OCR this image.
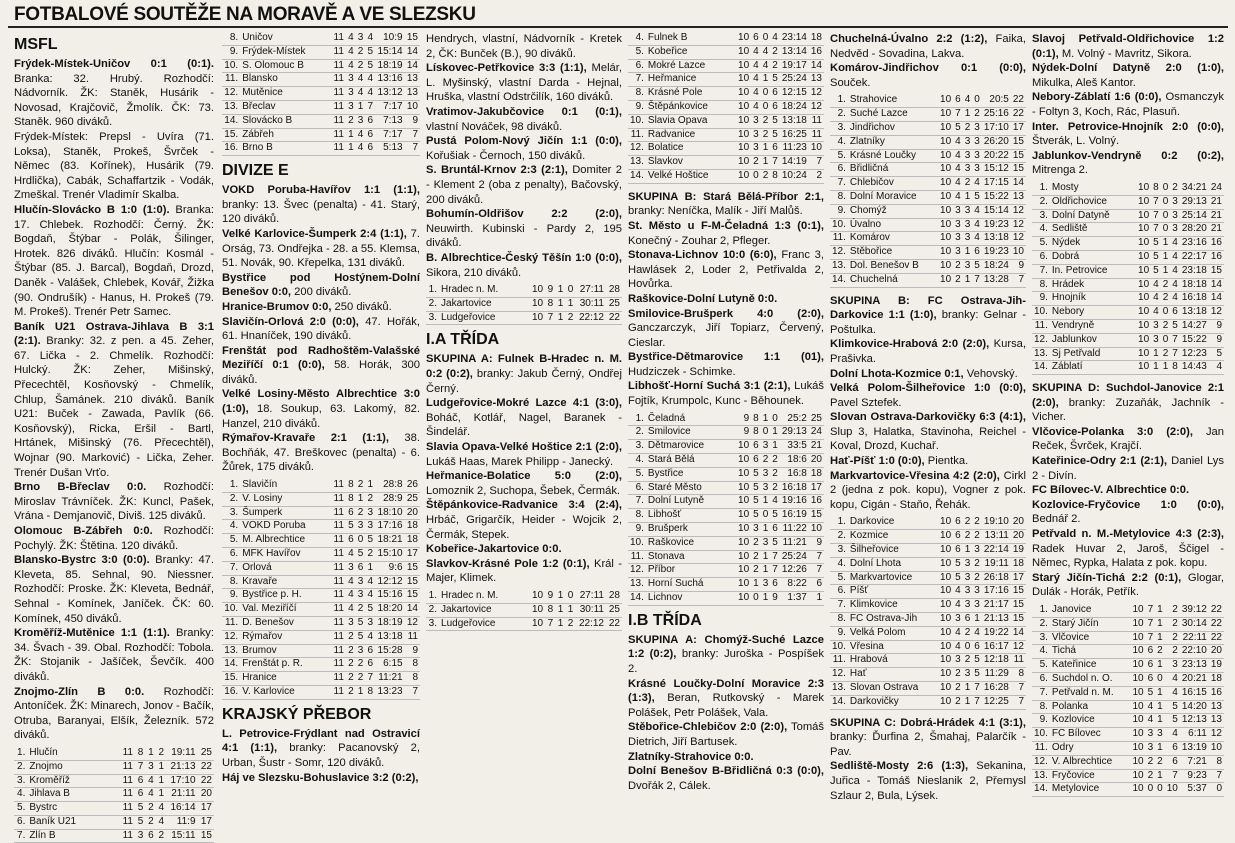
FOTBALOVÉ SOUTĚŽE NA MORAVĚ A VE SLEZSKU
MSFL

Frýdek-Místek-Uničov 0:1 (0:1). Branka: 32. Hrubý. Rozhodčí: Nádvorník. ŽK: Staněk, Husárik - Novosad, Krajčovič, Žmolík. ČK: 73. Staněk. 960 diváků.

Frýdek-Místek: Prepsl - Uvíra (71. Loksa), Staněk, Prokeš, Švrček - Němec (83. Kořínek), Husárik (79. Hrdlička), Cabák, Schaffartzik - Vodák, Zmeškal. Trenér Vladimír Skalba.

Hlučín-Slovácko B 1:0 (1:0). Branka: 17. Chlebek. Rozhodčí: Černý. ŽK: Bogdaň, Štýbar - Polák, Šilinger, Hrotek. 826 diváků. Hlučín: Kosmál - Štýbar (85. J. Barcal), Bogdaň, Drozd, Daněk - Valášek, Chlebek, Kovář, Žižka (90. Ondrušík) - Hanus, H. Prokeš (79. M. Prokeš). Trenér Petr Samec.

Baník U21 Ostrava-Jihlava B 3:1 (2:1). Branky: 32. z pen. a 45. Zeher, 67. Lička - 2. Chmelík. Rozhodčí: Hulcký. ŽK: Zeher, Mišinský, Přecechtěl, Kosňovský - Chmelík, Chlup, Šamánek. 210 diváků. Baník U21: Buček - Zawada, Pavlík (66. Kosňovský), Ricka, Eršil - Bartl, Hrtánek, Mišinský (76. Přecechtěl), Wojnar (90. Marković) - Lička, Zeher. Trenér Dušan Vrťo.

Brno B-Břeclav 0:0. Rozhodčí: Miroslav Trávníček. ŽK: Kuncl, Pašek, Vrána - Demjanovič, Diviš. 125 diváků.

Olomouc B-Zábřeh 0:0. Rozhodčí: Pochylý. ŽK: Štětina. 120 diváků.

Blansko-Bystrc 3:0 (0:0). Branky: 47. Kleveta, 85. Sehnal, 90. Niessner. Rozhodčí: Proske. ŽK: Kleveta, Bednář, Sehnal - Komínek, Janíček. ČK: 60. Komínek, 450 diváků.

Kroměříž-Mutěnice 1:1 (1:1). Branky: 34. Švach - 39. Obal. Rozhodčí: Tobola. ŽK: Stojanik - Jašíček, Ševčík. 400 diváků.

Znojmo-Zlín B 0:0. Rozhodčí: Antoníček. ŽK: Minarech, Jonov - Bačík, Otruba, Baranyai, Elšík, Železník. 572 diváků.

1.	Hlučín	11	8	1	2	19:11	25
2.	Znojmo	11	7	3	1	21:13	22
3.	Kroměříž	11	6	4	1	17:10	22
4.	Jihlava B	11	6	4	1	21:11	20
5.	Bystrc	11	5	2	4	16:14	17
6.	Baník U21	11	5	2	4	11:9	17
7.	Zlín B	11	3	6	2	15:11	15
8.	Uničov	11	4	3	4	10:9	15
9.	Frýdek-Místek	11	4	2	5	15:14	14
10.	S. Olomouc B	11	4	2	5	18:19	14
11.	Blansko	11	3	4	4	13:16	13
12.	Mutěnice	11	3	4	4	13:12	13
13.	Břeclav	11	3	1	7	7:17	10
14.	Slovácko B	11	2	3	6	7:13	9
15.	Zábřeh	11	1	4	6	7:17	7
16.	Brno B	11	1	4	6	5:13	7
DIVIZE E

VOKD Poruba-Havířov 1:1 (1:1), branky: 13. Švec (penalta) - 41. Starý, 120 diváků.

Velké Karlovice-Šumperk 2:4 (1:1), 7. Orság, 73. Ondřejka - 28. a 55. Klemsa, 51. Novák, 90. Křepelka, 131 diváků.

Bystřice pod Hostýnem-Dolní Benešov 0:0, 200 diváků.

Hranice-Brumov 0:0, 250 diváků.

Slavičín-Orlová 2:0 (0:0), 47. Hořák, 61. Hnaníček, 190 diváků.

Frenštát pod Radhoštěm-Valašské Meziříčí 0:1 (0:0), 58. Horák, 300 diváků.

Velké Losiny-Město Albrechtice 3:0 (1:0), 18. Soukup, 63. Lakomý, 82. Hanzel, 210 diváků.

Rýmařov-Kravaře 2:1 (1:1), 38. Bochňák, 47. Breškovec (penalta) - 6. Žůrek, 175 diváků.

1.	Slavičín	11	8	2	1	28:8	26
2.	V. Losiny	11	8	1	2	28:9	25
3.	Šumperk	11	6	2	3	18:10	20
4.	VOKD Poruba	11	5	3	3	17:16	18
5.	M. Albrechtice	11	6	0	5	18:21	18
6.	MFK Havířov	11	4	5	2	15:10	17
7.	Orlová	11	3	6	1	9:6	15
8.	Kravaře	11	4	3	4	12:12	15
9.	Bystřice p. H.	11	4	3	4	15:16	15
10.	Val. Meziříčí	11	4	2	5	18:20	14
11.	D. Benešov	11	3	5	3	18:19	12
12.	Rýmařov	11	2	5	4	13:18	11
13.	Brumov	11	2	3	6	15:28	9
14.	Frenštát p. R.	11	2	2	6	6:15	8
15.	Hranice	11	2	2	7	11:21	8
16.	V. Karlovice	11	2	1	8	13:23	7
KRAJSKÝ PŘEBOR

L. Petrovice-Frýdlant nad Ostravicí 4:1 (1:1), branky: Pacanovský 2, Urban, Šustr - Somr, 120 diváků.

Háj ve Slezsku-Bohuslavice 3:2 (0:2),

Hendrych, vlastní, Nádvorník - Kretek 2, ČK: Bunček (B.), 90 diváků.

Lískovec-Petřkovice 3:3 (1:1), Melár, L. Myšinský, vlastní Darda - Hejnal, Hruška, vlastní Odstrčilík, 160 diváků.

Vratimov-Jakubčovice 0:1 (0:1), vlastní Nováček, 98 diváků.

Pustá Polom-Nový Jičín 1:1 (0:0), Kořušiak - Černoch, 150 diváků.

S. Bruntál-Krnov 2:3 (2:1), Domiter 2 - Klement 2 (oba z penalty), Bačovský, 200 diváků.

Bohumín-Oldřišov 2:2 (2:0), Neuwirth. Kubinski - Pardy 2, 195 diváků.

B. Albrechtice-Český Těšín 1:0 (0:0), Sikora, 210 diváků.

1.	Hradec n. M.	10	9	1	0	27:11	28
2.	Jakartovice	10	8	1	1	30:11	25
3.	Ludgeřovice	10	7	1	2	22:12	22
I.A TŘÍDA

SKUPINA A: Fulnek B-Hradec n. M. 0:2 (0:2), branky: Jakub Černý, Ondřej Černý.

Ludgeřovice-Mokré Lazce 4:1 (3:0), Boháč, Kotlář, Nagel, Baranek - Šindelář.

Slavia Opava-Velké Hoštice 2:1 (2:0), Lukáš Haas, Marek Philipp - Janecký.

Heřmanice-Bolatice 5:0 (2:0), Lomoznik 2, Suchopa, Šebek, Čermák.

Štěpánkovice-Radvanice 3:4 (2:4), Hrbáč, Grigarčík, Heider - Wojcik 2, Čermák, Stepek.

Kobeřice-Jakartovice 0:0.

Slavkov-Krásné Pole 1:2 (0:1), Král - Majer, Klimek.

1.	Hradec n. M.	10	9	1	0	27:11	28
2.	Jakartovice	10	8	1	1	30:11	25
3.	Ludgeřovice	10	7	1	2	22:12	22
4.	Fulnek B	10	6	0	4	23:14	18
5.	Kobeřice	10	4	4	2	13:14	16
6.	Mokré Lazce	10	4	4	2	19:17	14
7.	Heřmanice	10	4	1	5	25:24	13
8.	Krásné Pole	10	4	0	6	12:15	12
9.	Štěpánkovice	10	4	0	6	18:24	12
10.	Slavia Opava	10	3	2	5	13:18	11
11.	Radvanice	10	3	2	5	16:25	11
12.	Bolatice	10	3	1	6	11:23	10
13.	Slavkov	10	2	1	7	14:19	7
14.	Velké Hoštice	10	0	2	8	10:24	2

SKUPINA B: Stará Bělá-Příbor 2:1, branky: Neníčka, Malík - Jiří Malůš.

St. Město u F-M-Čeladná 1:3 (0:1), Konečný - Zouhar 2, Pfleger.

Stonava-Lichnov 10:0 (6:0), Franc 3, Hawlásek 2, Loder 2, Petřivalda 2, Hovůrka.

Raškovice-Dolní Lutyně 0:0.

Smilovice-Brušperk 4:0 (2:0), Ganczarczyk, Jiří Topiarz, Červený, Cieslar.

Bystřice-Dětmarovice 1:1 (01), Hudziczek - Schimke.

Libhošť-Horní Suchá 3:1 (2:1), Lukáš Fojtík, Krumpolc, Kunc - Běhounek.

1.	Čeladná	9	8	1	0	25:2	25
2.	Smilovice	9	8	0	1	29:13	24
3.	Dětmarovice	10	6	3	1	33:5	21
4.	Stará Bělá	10	6	2	2	18:6	20
5.	Bystřice	10	5	3	2	16:8	18
6.	Staré Město	10	5	3	2	16:18	17
7.	Dolní Lutyně	10	5	1	4	19:16	16
8.	Libhošť	10	5	0	5	16:19	15
9.	Brušperk	10	3	1	6	11:22	10
10.	Raškovice	10	2	3	5	11:21	9
11.	Stonava	10	2	1	7	25:24	7
12.	Příbor	10	2	1	7	12:26	7
13.	Horní Suchá	10	1	3	6	8:22	6
14.	Lichnov	10	0	1	9	1:37	1
I.B TŘÍDA

SKUPINA A: Chomýž-Suché Lazce 1:2 (0:2), branky: Juroška - Pospíšek 2.

Krásné Loučky-Dolní Moravice 2:3 (1:3), Beran, Rutkovský - Marek Polášek, Petr Polášek, Vala.

Stěbořice-Chlebičov 2:0 (2:0), Tomáš Dietrich, Jiří Bartusek.

Zlatníky-Strahovice 0:0.

Dolní Benešov B-Břidličná 0:3 (0:0), Dvořák 2, Cálek.

Chuchelná-Úvalno 2:2 (1:2), Faika, Nedvěd - Sovadina, Lakva.

Komárov-Jindřichov 0:1 (0:0), Souček.

1.	Strahovice	10	6	4	0	20:5	22
2.	Suché Lazce	10	7	1	2	25:16	22
3.	Jindřichov	10	5	2	3	17:10	17
4.	Zlatníky	10	4	3	3	26:20	15
5.	Krásné Loučky	10	4	3	3	20:22	15
6.	Břidličná	10	4	3	3	15:12	15
7.	Chlebičov	10	4	2	4	17:15	14
8.	Dolní Moravice	10	4	1	5	15:22	13
9.	Chomýž	10	3	3	4	15:14	12
10.	Úvalno	10	3	3	4	19:23	12
11.	Komárov	10	3	3	4	13:18	12
12.	Stěbořice	10	3	1	6	19:23	10
13.	Dol. Benešov B	10	2	3	5	18:24	9
14.	Chuchelná	10	2	1	7	13:28	7

SKUPINA B: FC Ostrava-Jih-Darkovice 1:1 (1:0), branky: Gelnar - Poštulka.

Klimkovice-Hrabová 2:0 (2:0), Kursa, Prašivka.

Dolní Lhota-Kozmice 0:1, Vehovský.

Velká Polom-Šilheřovice 1:0 (0:0), Pavel Sztefek.

Slovan Ostrava-Darkovičky 6:3 (4:1), Slup 3, Halatka, Stavinoha, Reichel - Koval, Drozd, Kuchař.

Hať-Píšť 1:0 (0:0), Pientka.

Markvartovice-Vřesina 4:2 (2:0), Cirkl 2 (jedna z pok. kopu), Vogner z pok. kopu, Cigán - Staňo, Řehák.

1.	Darkovice	10	6	2	2	19:10	20
2.	Kozmice	10	6	2	2	13:11	20
3.	Šilheřovice	10	6	1	3	22:14	19
4.	Dolní Lhota	10	5	3	2	19:11	18
5.	Markvartovice	10	5	3	2	26:18	17
6.	Píšť	10	4	3	3	17:16	15
7.	Klimkovice	10	4	3	3	21:17	15
8.	FC Ostrava-Jih	10	3	6	1	21:13	15
9.	Velká Polom	10	4	2	4	19:22	14
10.	Vřesina	10	4	0	6	16:17	12
11.	Hrabová	10	3	2	5	12:18	11
12.	Hať	10	2	3	5	11:29	8
13.	Slovan Ostrava	10	2	1	7	16:28	7
14.	Darkovičky	10	2	1	7	12:25	7

SKUPINA C: Dobrá-Hrádek 4:1 (3:1), branky: Ďurfina 2, Šmahaj, Palarčík - Pav.

Sedliště-Mosty 2:6 (1:3), Sekanina, Juřica - Tomáš Nieslanik 2, Přemysl Szlaur 2, Bula, Lýsek.

Slavoj Petřvald-Oldřichovice 1:2 (0:1), M. Volný - Mavritz, Sikora.

Nýdek-Dolní Datyně 2:0 (1:0), Mikulka, Aleš Kantor.

Nebory-Záblatí 1:6 (0:0), Osmanczyk - Foltyn 3, Koch, Rác, Plasuň.

Inter. Petrovice-Hnojník 2:0 (0:0), Štverák, L. Volný.

Jablunkov-Vendryně 0:2 (0:2), Mitrenga 2.

1.	Mosty	10	8	0	2	34:21	24
2.	Oldřichovice	10	7	0	3	29:13	21
3.	Dolní Datyně	10	7	0	3	25:14	21
4.	Sedliště	10	7	0	3	28:20	21
5.	Nýdek	10	5	1	4	23:16	16
6.	Dobrá	10	5	1	4	22:17	16
7.	In. Petrovice	10	5	1	4	23:18	15
8.	Hrádek	10	4	2	4	18:18	14
9.	Hnojník	10	4	2	4	16:18	14
10.	Nebory	10	4	0	6	13:18	12
11.	Vendryně	10	3	2	5	14:27	9
12.	Jablunkov	10	3	0	7	15:22	9
13.	Sj Petřvald	10	1	2	7	12:23	5
14.	Záblatí	10	1	1	8	14:43	4

SKUPINA D: Suchdol-Janovice 2:1 (2:0), branky: Zuzaňák, Jachník - Vicher.

Vlčovice-Polanka 3:0 (2:0), Jan Reček, Švrček, Krajčí.

Kateřinice-Odry 2:1 (2:1), Daniel Lys 2 - Divín.

FC Bílovec-V. Albrechtice 0:0.

Kozlovice-Fryčovice 1:0 (0:0), Bednář 2.

Petřvald n. M.-Metylovice 4:3 (2:3), Radek Huvar 2, Jaroš, Ščigel - Němec, Rypka, Halata z pok. kopu.

Starý Jičín-Tichá 2:2 (0:1), Glogar, Dulák - Horák, Petřík.

1.	Janovice	10	7	1	2	39:12	22
2.	Starý Jičín	10	7	1	2	30:14	22
3.	Vlčovice	10	7	1	2	22:11	22
4.	Tichá	10	6	2	2	22:10	20
5.	Kateřinice	10	6	1	3	23:13	19
6.	Suchdol n. O.	10	6	0	4	20:21	18
7.	Petřvald n. M.	10	5	1	4	16:15	16
8.	Polanka	10	4	1	5	14:20	13
9.	Kozlovice	10	4	1	5	12:13	13
10.	FC Bílovec	10	3	3	4	6:11	12
11.	Odry	10	3	1	6	13:19	10
12.	V. Albrechtice	10	2	2	6	7:21	8
13.	Fryčovice	10	2	1	7	9:23	7
14.	Metylovice	10	0	0	10	5:37	0
